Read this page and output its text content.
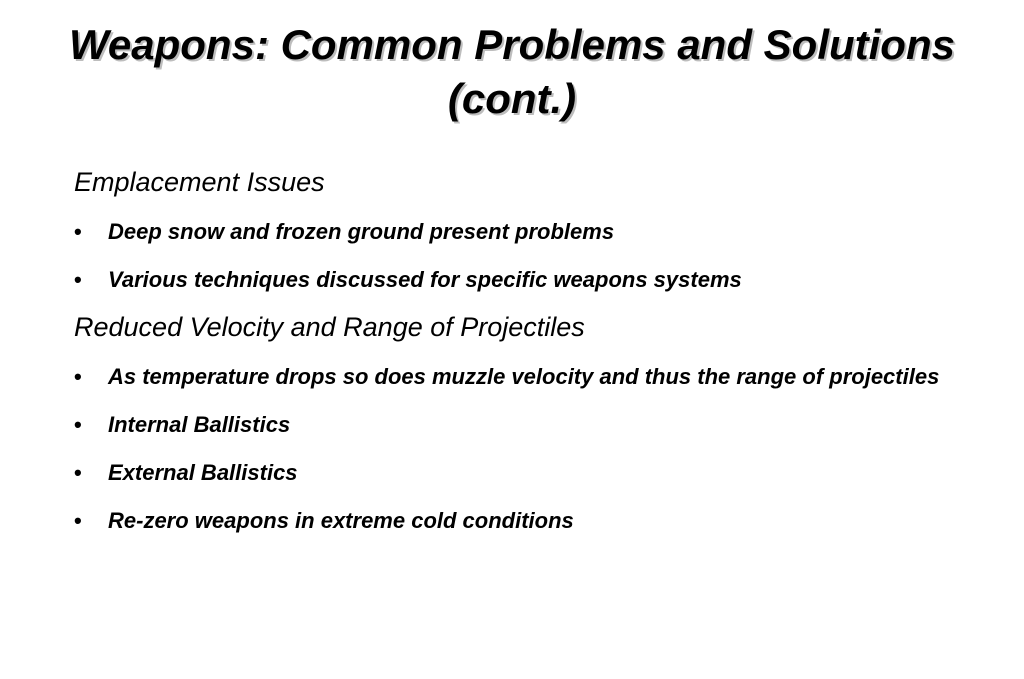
Weapons: Common Problems and Solutions (cont.)
Emplacement Issues
• Deep snow and frozen ground present problems
• Various techniques discussed for specific weapons systems
Reduced Velocity and Range of Projectiles
• As temperature drops so does muzzle velocity and thus the range of projectiles
• Internal Ballistics
• External Ballistics
• Re-zero weapons in extreme cold conditions
